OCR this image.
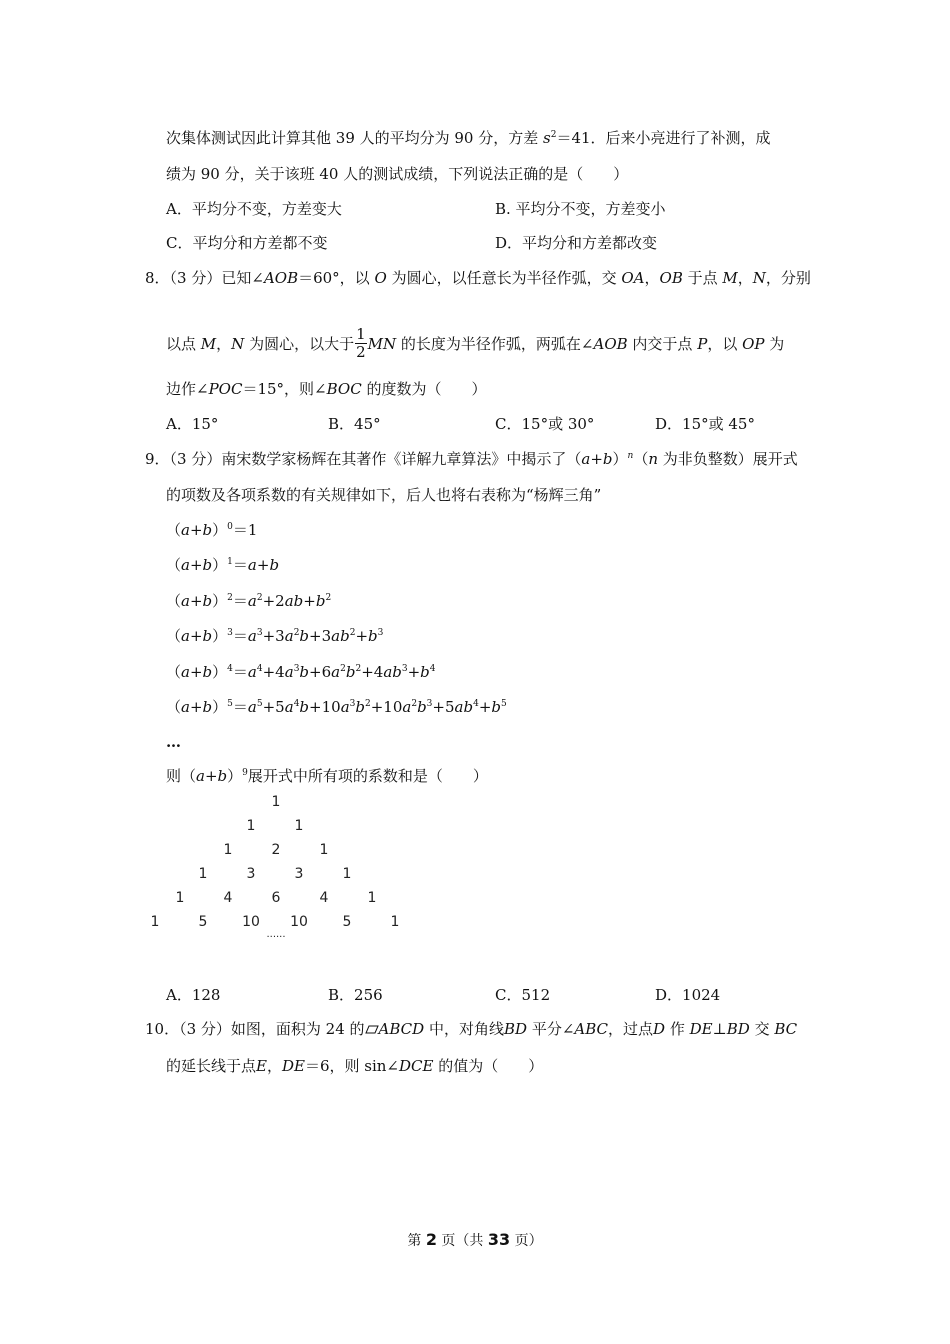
次集体测试因此计算其他 39 人的平均分为 90 分，方差 $s^2=41$．后来小亮进行了补测，成
绩为 90 分，关于该班 40 人的测试成绩，下列说法正确的是（　　）
A．平均分不变，方差变大	B. 平均分不变，方差变小
C．平均分和方差都不变	D．平均分和方差都改变
8．（3 分）已知∠AOB＝60°，以 O 为圆心，以任意长为半径作弧，交 OA，OB 于点 M，N，分别
以点 M，N 为圆心，以大于 $\frac{1}{2}$ MN 的长度为半径作弧，两弧在∠AOB 内交于点 P，以 OP 为
边作∠POC＝15°，则∠BOC 的度数为（　　）
A．15°	B．45°	C．15°或 30°	D．15°或 45°
9．（3 分）南宋数学家杨辉在其著作《详解九章算法》中揭示了$(a+b)^n(n$ 为非负整数）展开式
的项数及各项系数的有关规律如下，后人也将右表称为“杨辉三角”
$(a+b)^0=1$
$(a+b)^1=a+b$
$(a+b)^2=a^2+2ab+b^2$
$(a+b)^3=a^3+3a^2b+3ab^2+b^3$
$(a+b)^4=a^4+4a^3b+6a^2b^2+4ab^3+b^4$
$(a+b)^5=a^5+5a^4b+10a^3b^2+10a^2b^3+5ab^4+b^5$
…
则$(a+b)^9$展开式中所有项的系数和是（　　）
1
1	1
1	2	1
1	3	3	1
1	4	6	4	1
1	5 10 10 5	1
······
A．128	B．256	C．512	D．1024
10．（3 分）如图，面积为 24 的 ABCD 中，对角线BD 平分∠ABC，过点D 作 DE⊥BD 交 BC
的延长线于点E，DE＝6，则 sin∠DCE 的值为（　　）
第 2 页（共 33 页）
